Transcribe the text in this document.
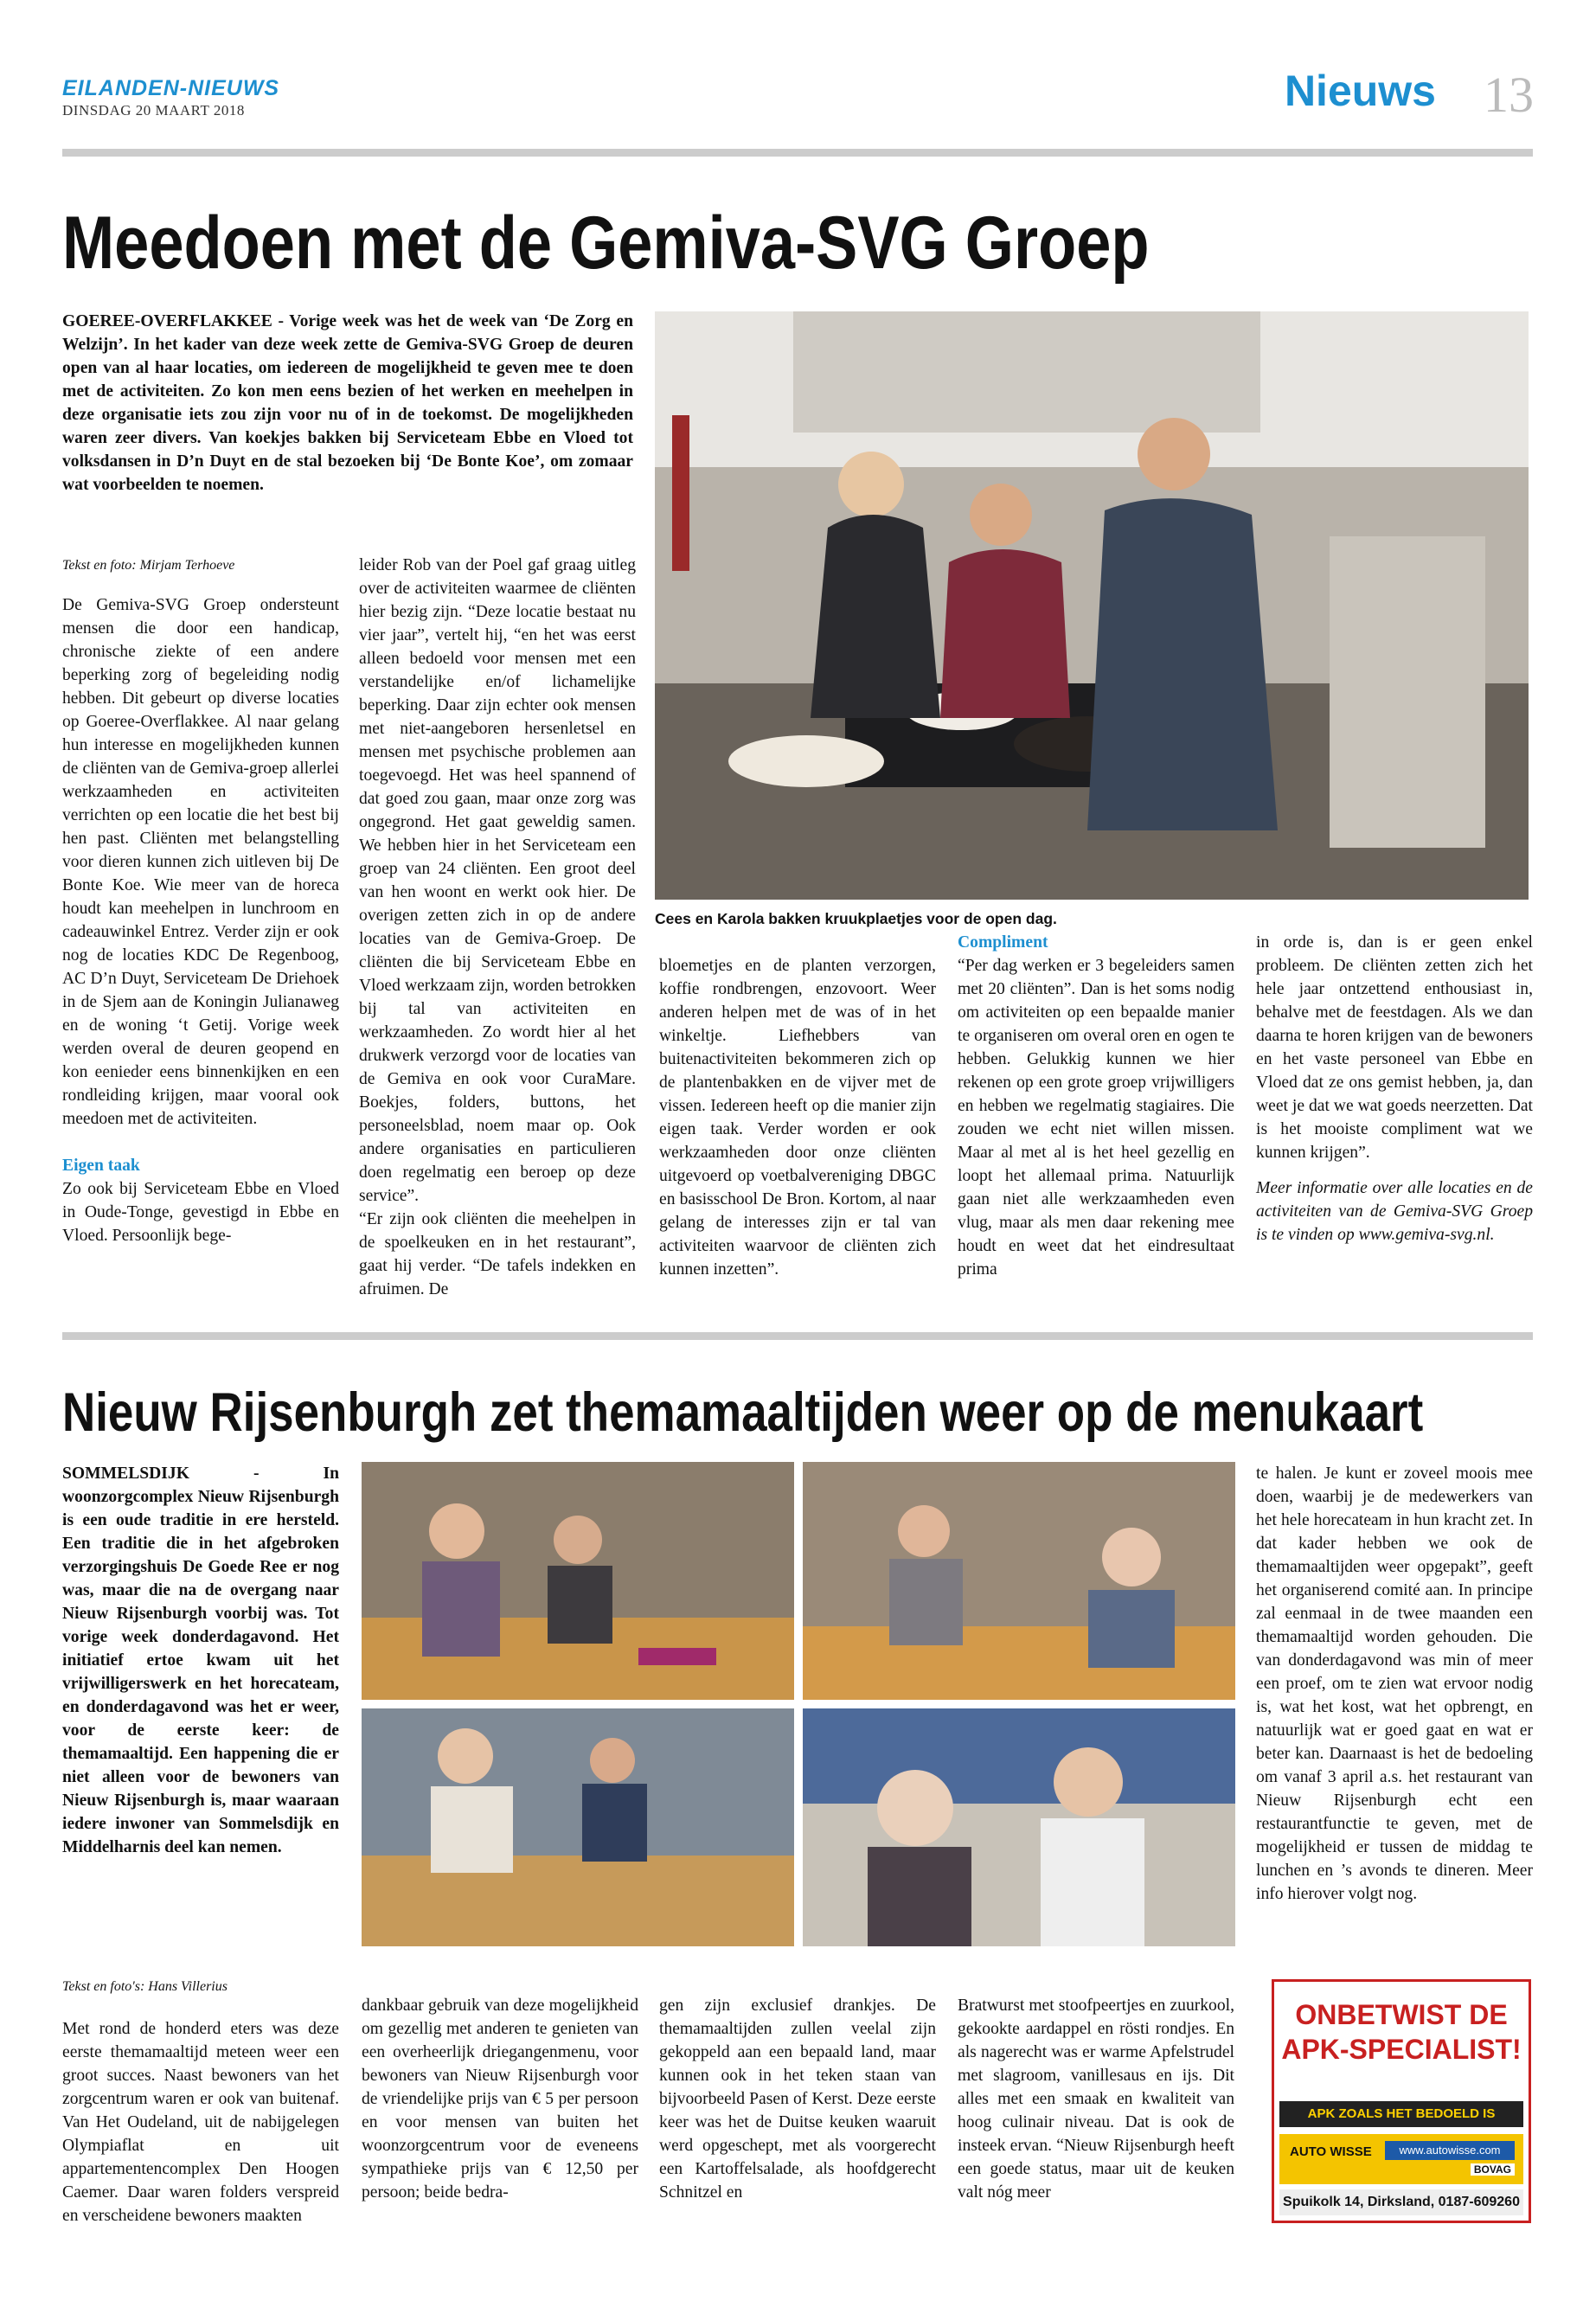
EILANDEN-NIEUWS
DINSDAG 20 MAART 2018	Nieuws 13
Meedoen met de Gemiva-SVG Groep
GOEREE-OVERFLAKKEE - Vorige week was het de week van ‘De Zorg en Welzijn’. In het kader van deze week zette de Gemiva-SVG Groep de deuren open van al haar locaties, om iedereen de mogelijkheid te geven mee te doen met de activiteiten. Zo kon men eens bezien of het werken en meehelpen in deze organisatie iets zou zijn voor nu of in de toekomst. De mogelijkheden waren zeer divers. Van koekjes bakken bij Serviceteam Ebbe en Vloed tot volksdansen in D’n Duyt en de stal bezoeken bij ‘De Bonte Koe’, om zomaar wat voorbeelden te noemen.
Cees en Karola bakken kruukplaetjes voor de open dag.
Tekst en foto: Mirjam Terhoeve

De Gemiva-SVG Groep ondersteunt mensen die door een handicap, chronische ziekte of een andere beperking zorg of begeleiding nodig hebben. Dit gebeurt op diverse locaties op Goeree-Overflakkee. Al naar gelang hun interesse en mogelijkheden kunnen de cliënten van de Gemiva-groep allerlei werkzaamheden en activiteiten verrichten op een locatie die het best bij hen past. Cliënten met belangstelling voor dieren kunnen zich uitleven bij De Bonte Koe. Wie meer van de horeca houdt kan meehelpen in lunchroom en cadeauwinkel Entrez. Verder zijn er ook nog de locaties KDC De Regenboog, AC D’n Duyt, Serviceteam De Driehoek in de Sjem aan de Koningin Julianaweg en de woning ‘t Getij. Vorige week werden overal de deuren geopend en kon eenieder eens binnenkijken en een rondleiding krijgen, maar vooral ook meedoen met de activiteiten.

Eigen taak

Zo ook bij Serviceteam Ebbe en Vloed in Oude-Tonge, gevestigd in Ebbe en Vloed. Persoonlijk bege-

leider Rob van der Poel gaf graag uitleg over de activiteiten waarmee de cliënten hier bezig zijn. “Deze locatie bestaat nu vier jaar”, vertelt hij, “en het was eerst alleen bedoeld voor mensen met een verstandelijke en/of lichamelijke beperking. Daar zijn echter ook mensen met niet-aangeboren hersenletsel en mensen met psychische problemen aan toegevoegd. Het was heel spannend of dat goed zou gaan, maar onze zorg was ongegrond. Het gaat geweldig samen. We hebben hier in het Serviceteam een groep van 24 cliënten. Een groot deel van hen woont en werkt ook hier. De overigen zetten zich in op de andere locaties van de Gemiva-Groep. De cliënten die bij Serviceteam Ebbe en Vloed werkzaam zijn, worden betrokken bij tal van activiteiten en werkzaamheden. Zo wordt hier al het drukwerk verzorgd voor de locaties van de Gemiva en ook voor CuraMare. Boekjes, folders, buttons, het personeelsblad, noem maar op. Ook andere organisaties en particulieren doen regelmatig een beroep op deze service”.

“Er zijn ook cliënten die meehelpen in de spoelkeuken en in het restaurant”, gaat hij verder. “De tafels indekken en afruimen. De

bloemetjes en de planten verzorgen, koffie rondbrengen, enzovoort. Weer anderen helpen met de was of in het winkeltje. Liefhebbers van buitenactiviteiten bekommeren zich op de plantenbakken en de vijver met de vissen. Iedereen heeft op die manier zijn eigen taak. Verder worden er ook werkzaamheden door onze cliënten uitgevoerd op voetbalvereniging DBGC en basisschool De Bron. Kortom, al naar gelang de interesses zijn er tal van activiteiten waarvoor de cliënten zich kunnen inzetten”.

Compliment

“Per dag werken er 3 begeleiders samen met 20 cliënten”. Dan is het soms nodig om activiteiten op een bepaalde manier te organiseren om overal oren en ogen te hebben. Gelukkig kunnen we hier rekenen op een grote groep vrijwilligers en hebben we regelmatig stagiaires. Die zouden we echt niet willen missen. Maar al met al is het heel gezellig en loopt het allemaal prima. Natuurlijk gaan niet alle werkzaamheden even vlug, maar als men daar rekening mee houdt en weet dat het eindresultaat prima

in orde is, dan is er geen enkel probleem. De cliënten zetten zich het hele jaar ontzettend enthousiast in, behalve met de feestdagen. Als we dan daarna te horen krijgen van de bewoners en het vaste personeel van Ebbe en Vloed dat ze ons gemist hebben, ja, dan weet je dat we wat goeds neerzetten. Dat is het mooiste compliment wat we kunnen krijgen”.

Meer informatie over alle locaties en de activiteiten van de Gemiva-SVG Groep is te vinden op www.gemiva-svg.nl.

Nieuw Rijsenburgh zet themamaaltijden weer op de menukaart
SOMMELSDIJK - In woonzorgcomplex Nieuw Rijsenburgh is een oude traditie in ere hersteld. Een traditie die in het afgebroken verzorgingshuis De Goede Ree er nog was, maar die na de overgang naar Nieuw Rijsenburgh voorbij was. Tot vorige week donderdagavond. Het initiatief ertoe kwam uit het vrijwilligerswerk en het horecateam, en donderdagavond was het er weer, voor de eerste keer: de themamaaltijd. Een happening die er niet alleen voor de bewoners van Nieuw Rijsenburgh is, maar waaraan iedere inwoner van Sommelsdijk en Middelharnis deel kan nemen.

te halen. Je kunt er zoveel moois mee doen, waarbij je de medewerkers van het hele horecateam in hun kracht zet. In dat kader hebben we ook de themamaaltijden weer opgepakt”, geeft het organiserend comité aan. In principe zal eenmaal in de twee maanden een themamaaltijd worden gehouden. Die van donderdagavond was min of meer een proef, om te zien wat ervoor nodig is, wat het kost, wat het opbrengt, en natuurlijk wat er goed gaat en wat er beter kan. Daarnaast is het de bedoeling om vanaf 3 april a.s. het restaurant van Nieuw Rijsenburgh echt een restaurantfunctie te geven, met de mogelijkheid er tussen de middag te lunchen en ’s avonds te dineren. Meer info hierover volgt nog.

Tekst en foto's: Hans Villerius

Met rond de honderd eters was deze eerste themamaaltijd meteen weer een groot succes. Naast bewoners van het zorgcentrum waren er ook van buitenaf. Van Het Oudeland, uit de nabijgelegen Olympiaflat en uit appartementencomplex Den Hoogen Caemer. Daar waren folders verspreid en verscheidene bewoners maakten

dankbaar gebruik van deze mogelijkheid om gezellig met anderen te genieten van een overheerlijk driegangenmenu, voor bewoners van Nieuw Rijsenburgh voor de vriendelijke prijs van € 5 per persoon en voor mensen van buiten het woonzorgcentrum voor de eveneens sympathieke prijs van € 12,50 per persoon; beide bedra-

gen zijn exclusief drankjes. De themamaaltijden zullen veelal zijn gekoppeld aan een bepaald land, maar kunnen ook in het teken staan van bijvoorbeeld Pasen of Kerst. Deze eerste keer was het de Duitse keuken waaruit werd opgeschept, met als voorgerecht een Kartoffelsalade, als hoofdgerecht Schnitzel en

Bratwurst met stoofpeertjes en zuurkool, gekookte aardappel en rösti rondjes. En als nagerecht was er warme Apfelstrudel met slagroom, vanillesaus en ijs. Dit alles met een smaak en kwaliteit van hoog culinair niveau. Dat is ook de insteek ervan. “Nieuw Rijsenburgh heeft een goede status, maar uit de keuken valt nóg meer

ONBETWIST DE
APK-SPECIALIST!
APK ZOALS HET BEDOELD IS
AUTO WISSE	www.autowisse.com
BOVAG
Spuikolk 14, Dirksland, 0187-609260
